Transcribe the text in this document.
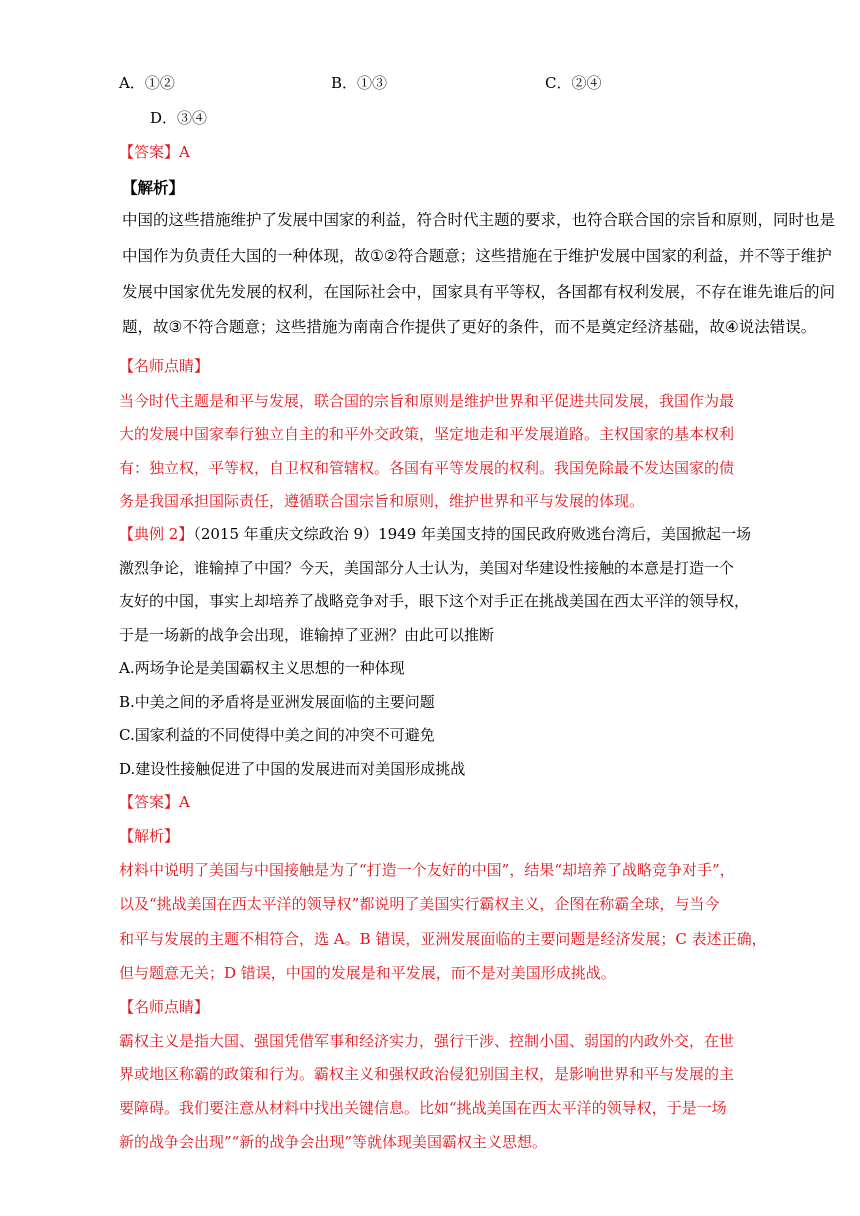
A．①②	B．①③	C．②④
D．③④
【答案】A
【解析】
中国的这些措施维护了发展中国家的利益，符合时代主题的要求，也符合联合国的宗旨和原则，同时也是
中国作为负责任大国的一种体现，故①②符合题意；这些措施在于维护发展中国家的利益，并不等于维护
发展中国家优先发展的权利，在国际社会中，国家具有平等权，各国都有权利发展，不存在谁先谁后的问
题，故③不符合题意；这些措施为南南合作提供了更好的条件，而不是奠定经济基础，故④说法错误。
【名师点睛】
当今时代主题是和平与发展，联合国的宗旨和原则是维护世界和平促进共同发展，我国作为最
大的发展中国家奉行独立自主的和平外交政策，坚定地走和平发展道路。主权国家的基本权利
有：独立权，平等权，自卫权和管辖权。各国有平等发展的权利。我国免除最不发达国家的债
务是我国承担国际责任，遵循联合国宗旨和原则，维护世界和平与发展的体现。
【典例 2】（2015 年重庆文综政治 9）1949 年美国支持的国民政府败逃台湾后，美国掀起一场
激烈争论，谁输掉了中国？今天，美国部分人士认为，美国对华建设性接触的本意是打造一个
友好的中国，事实上却培养了战略竞争对手，眼下这个对手正在挑战美国在西太平洋的领导权，
于是一场新的战争会出现，谁输掉了亚洲？由此可以推断
A.两场争论是美国霸权主义思想的一种体现
B.中美之间的矛盾将是亚洲发展面临的主要问题
C.国家利益的不同使得中美之间的冲突不可避免
D.建设性接触促进了中国的发展进而对美国形成挑战
【答案】A
【解析】
材料中说明了美国与中国接触是为了“打造一个友好的中国”，结果“却培养了战略竞争对手”，
以及“挑战美国在西太平洋的领导权”都说明了美国实行霸权主义，企图在称霸全球，与当今
和平与发展的主题不相符合，选 A。B 错误，亚洲发展面临的主要问题是经济发展；C 表述正确，
但与题意无关；D 错误，中国的发展是和平发展，而不是对美国形成挑战。
【名师点睛】
霸权主义是指大国、强国凭借军事和经济实力，强行干涉、控制小国、弱国的内政外交，在世
界或地区称霸的政策和行为。霸权主义和强权政治侵犯别国主权，是影响世界和平与发展的主
要障碍。我们要注意从材料中找出关键信息。比如“挑战美国在西太平洋的领导权，于是一场
新的战争会出现”“新的战争会出现”等就体现美国霸权主义思想。
